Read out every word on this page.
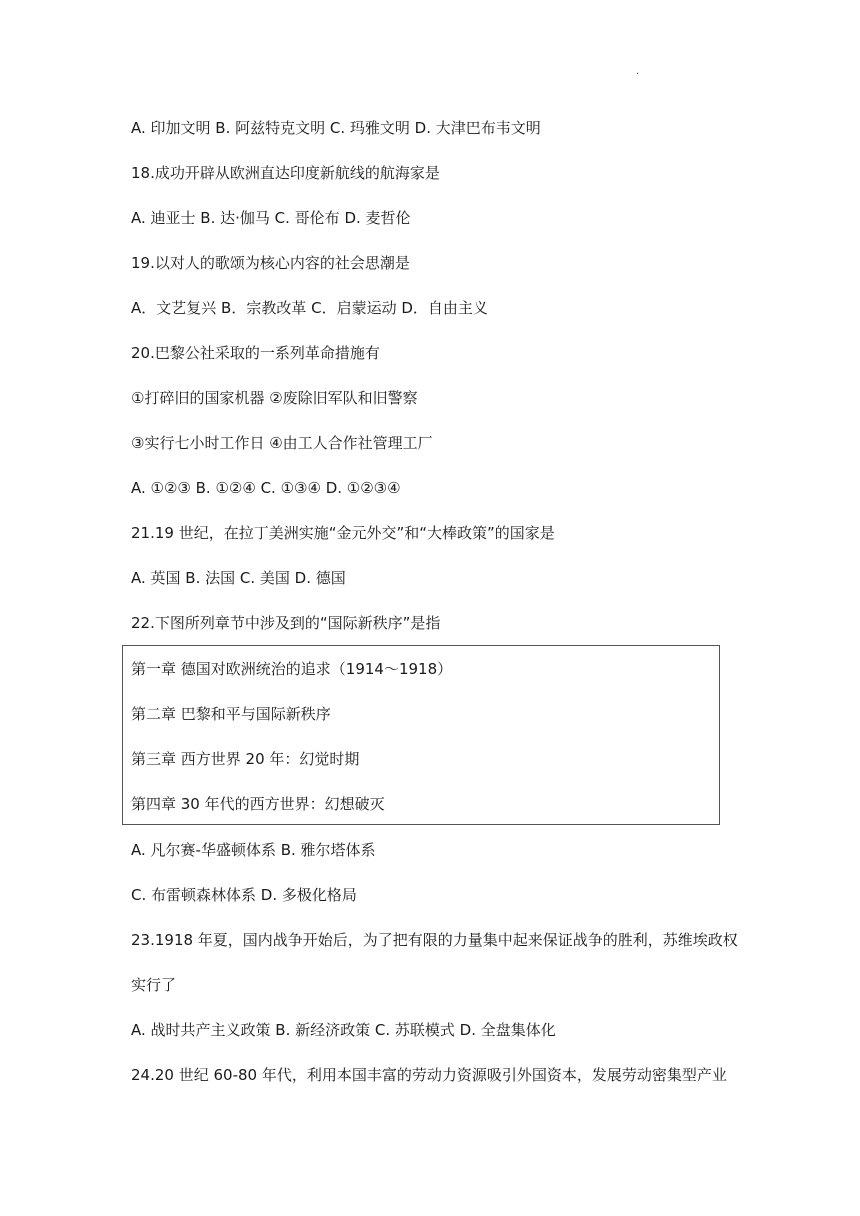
.
A. 印加文明 B. 阿兹特克文明 C. 玛雅文明 D. 大津巴布韦文明
18.成功开辟从欧洲直达印度新航线的航海家是
A. 迪亚士 B. 达·伽马 C. 哥伦布 D. 麦哲伦
19.以对人的歌颂为核心内容的社会思潮是
A．文艺复兴 B．宗教改革 C．启蒙运动 D．自由主义
20.巴黎公社采取的一系列革命措施有
①打碎旧的国家机器 ②废除旧军队和旧警察
③实行七小时工作日 ④由工人合作社管理工厂
A. ①②③ B. ①②④ C. ①③④ D. ①②③④
21.19 世纪，在拉丁美洲实施“金元外交”和“大棒政策”的国家是
A. 英国 B. 法国 C. 美国 D. 德国
22.下图所列章节中涉及到的“国际新秩序”是指
第一章 德国对欧洲统治的追求（1914～1918）
第二章 巴黎和平与国际新秩序
第三章 西方世界 20 年：幻觉时期
第四章 30 年代的西方世界：幻想破灭
A. 凡尔赛-华盛顿体系 B. 雅尔塔体系
C. 布雷顿森林体系 D. 多极化格局
23.1918 年夏，国内战争开始后，为了把有限的力量集中起来保证战争的胜利，苏维埃政权
实行了
A. 战时共产主义政策 B. 新经济政策 C. 苏联模式 D. 全盘集体化
24.20 世纪 60-80 年代，利用本国丰富的劳动力资源吸引外国资本，发展劳动密集型产业
